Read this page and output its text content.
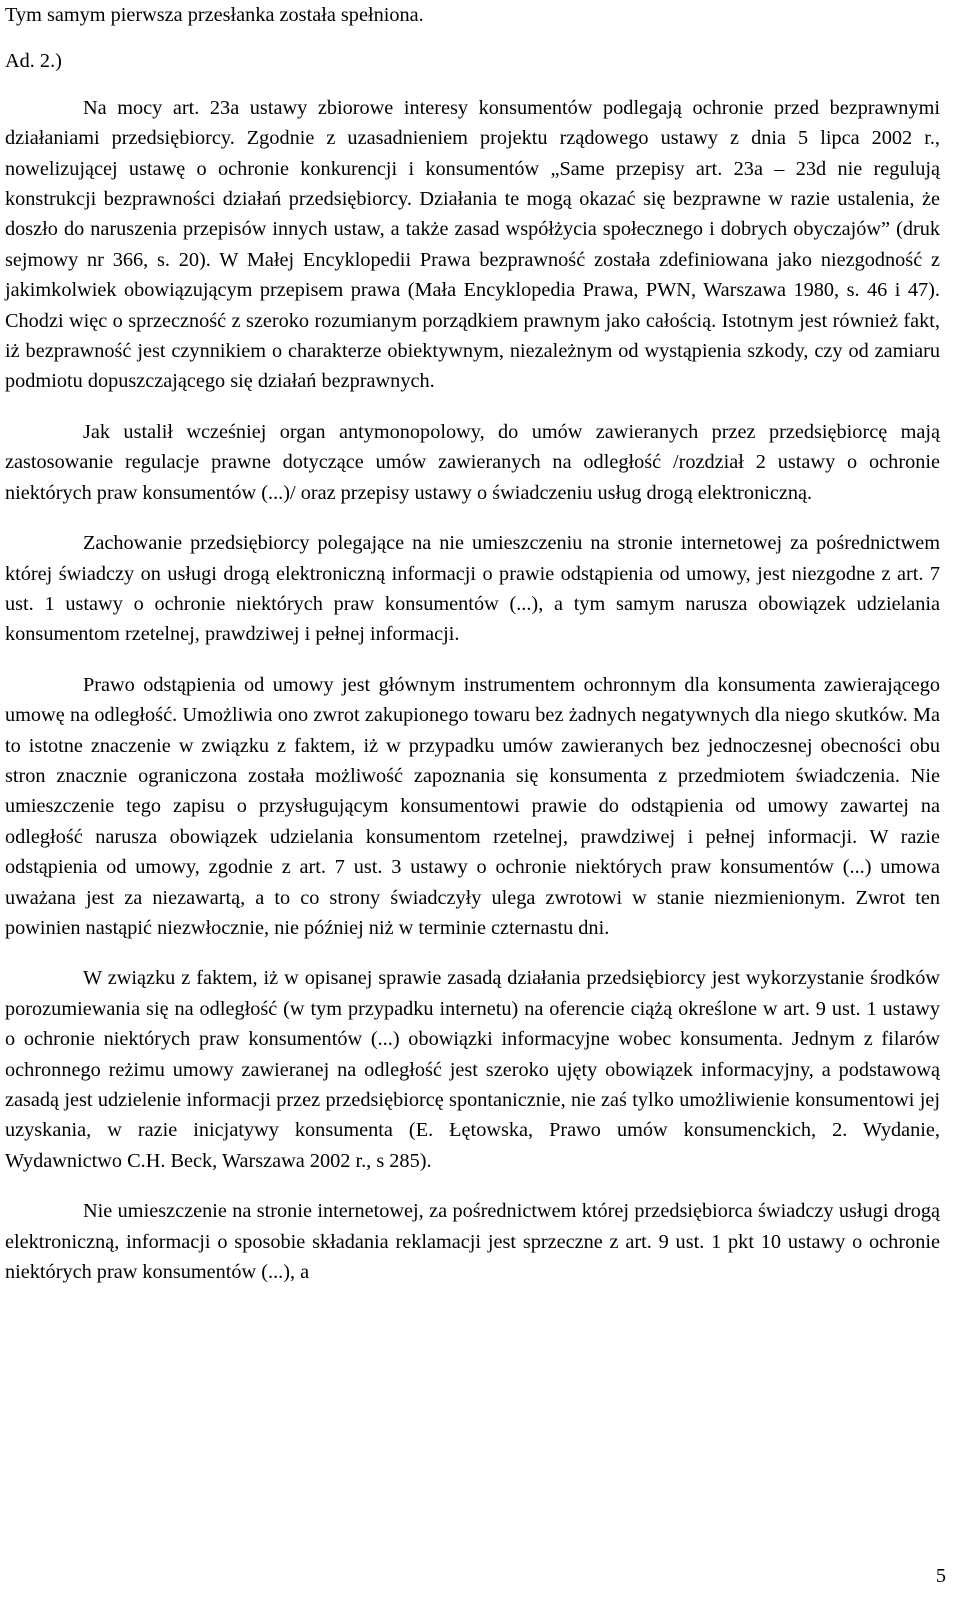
Tym samym pierwsza przesłanka została spełniona.
Ad. 2.)

Na mocy art. 23a ustawy zbiorowe interesy konsumentów podlegają ochronie przed bezprawnymi działaniami przedsiębiorcy. Zgodnie z uzasadnieniem projektu rządowego ustawy z dnia 5 lipca 2002 r., nowelizującej ustawę o ochronie konkurencji i konsumentów „Same przepisy art. 23a – 23d nie regulują konstrukcji bezprawności działań przedsiębiorcy. Działania te mogą okazać się bezprawne w razie ustalenia, że doszło do naruszenia przepisów innych ustaw, a także zasad współżycia społecznego i dobrych obyczajów” (druk sejmowy nr 366, s. 20). W Małej Encyklopedii Prawa bezprawność została zdefiniowana jako niezgodność z jakimkolwiek obowiązującym przepisem prawa (Mała Encyklopedia Prawa, PWN, Warszawa 1980, s. 46 i 47). Chodzi więc o sprzeczność z szeroko rozumianym porządkiem prawnym jako całością. Istotnym jest również fakt, iż bezprawność jest czynnikiem o charakterze obiektywnym, niezależnym od wystąpienia szkody, czy od zamiaru podmiotu dopuszczającego się działań bezprawnych.

Jak ustalił wcześniej organ antymonopolowy, do umów zawieranych przez przedsiębiorcę mają zastosowanie regulacje prawne dotyczące umów zawieranych na odległość /rozdział 2 ustawy o ochronie niektórych praw konsumentów (...)/ oraz przepisy ustawy o świadczeniu usług drogą elektroniczną.

Zachowanie przedsiębiorcy polegające na nie umieszczeniu na stronie internetowej za pośrednictwem której świadczy on usługi drogą elektroniczną informacji o prawie odstąpienia od umowy, jest niezgodne z art. 7 ust. 1 ustawy o ochronie niektórych praw konsumentów (...), a tym samym narusza obowiązek udzielania konsumentom rzetelnej, prawdziwej i pełnej informacji.

Prawo odstąpienia od umowy jest głównym instrumentem ochronnym dla konsumenta zawierającego umowę na odległość. Umożliwia ono zwrot zakupionego towaru bez żadnych negatywnych dla niego skutków. Ma to istotne znaczenie w związku z faktem, iż w przypadku umów zawieranych bez jednoczesnej obecności obu stron znacznie ograniczona została możliwość zapoznania się konsumenta z przedmiotem świadczenia. Nie umieszczenie tego zapisu o przysługującym konsumentowi prawie do odstąpienia od umowy zawartej na odległość narusza obowiązek udzielania konsumentom rzetelnej, prawdziwej i pełnej informacji. W razie odstąpienia od umowy, zgodnie z art. 7 ust. 3 ustawy o ochronie niektórych praw konsumentów (...) umowa uważana jest za niezawartą, a to co strony świadczyły ulega zwrotowi w stanie niezmienionym. Zwrot ten powinien nastąpić niezwłocznie, nie później niż w terminie czternastu dni.

W związku z faktem, iż w opisanej sprawie zasadą działania przedsiębiorcy jest wykorzystanie środków porozumiewania się na odległość (w tym przypadku internetu) na oferencie ciążą określone w art. 9 ust. 1 ustawy o ochronie niektórych praw konsumentów (...) obowiązki informacyjne wobec konsumenta. Jednym z filarów ochronnego reżimu umowy zawieranej na odległość jest szeroko ujęty obowiązek informacyjny, a podstawową zasadą jest udzielenie informacji przez przedsiębiorcę spontanicznie, nie zaś tylko umożliwienie konsumentowi jej uzyskania, w razie inicjatywy konsumenta (E. Łętowska, Prawo umów konsumenckich, 2. Wydanie, Wydawnictwo C.H. Beck, Warszawa 2002 r., s 285).

Nie umieszczenie na stronie internetowej, za pośrednictwem której przedsiębiorca świadczy usługi drogą elektroniczną, informacji o sposobie składania reklamacji jest sprzeczne z art. 9 ust. 1 pkt 10 ustawy o ochronie niektórych praw konsumentów (...), a

5
